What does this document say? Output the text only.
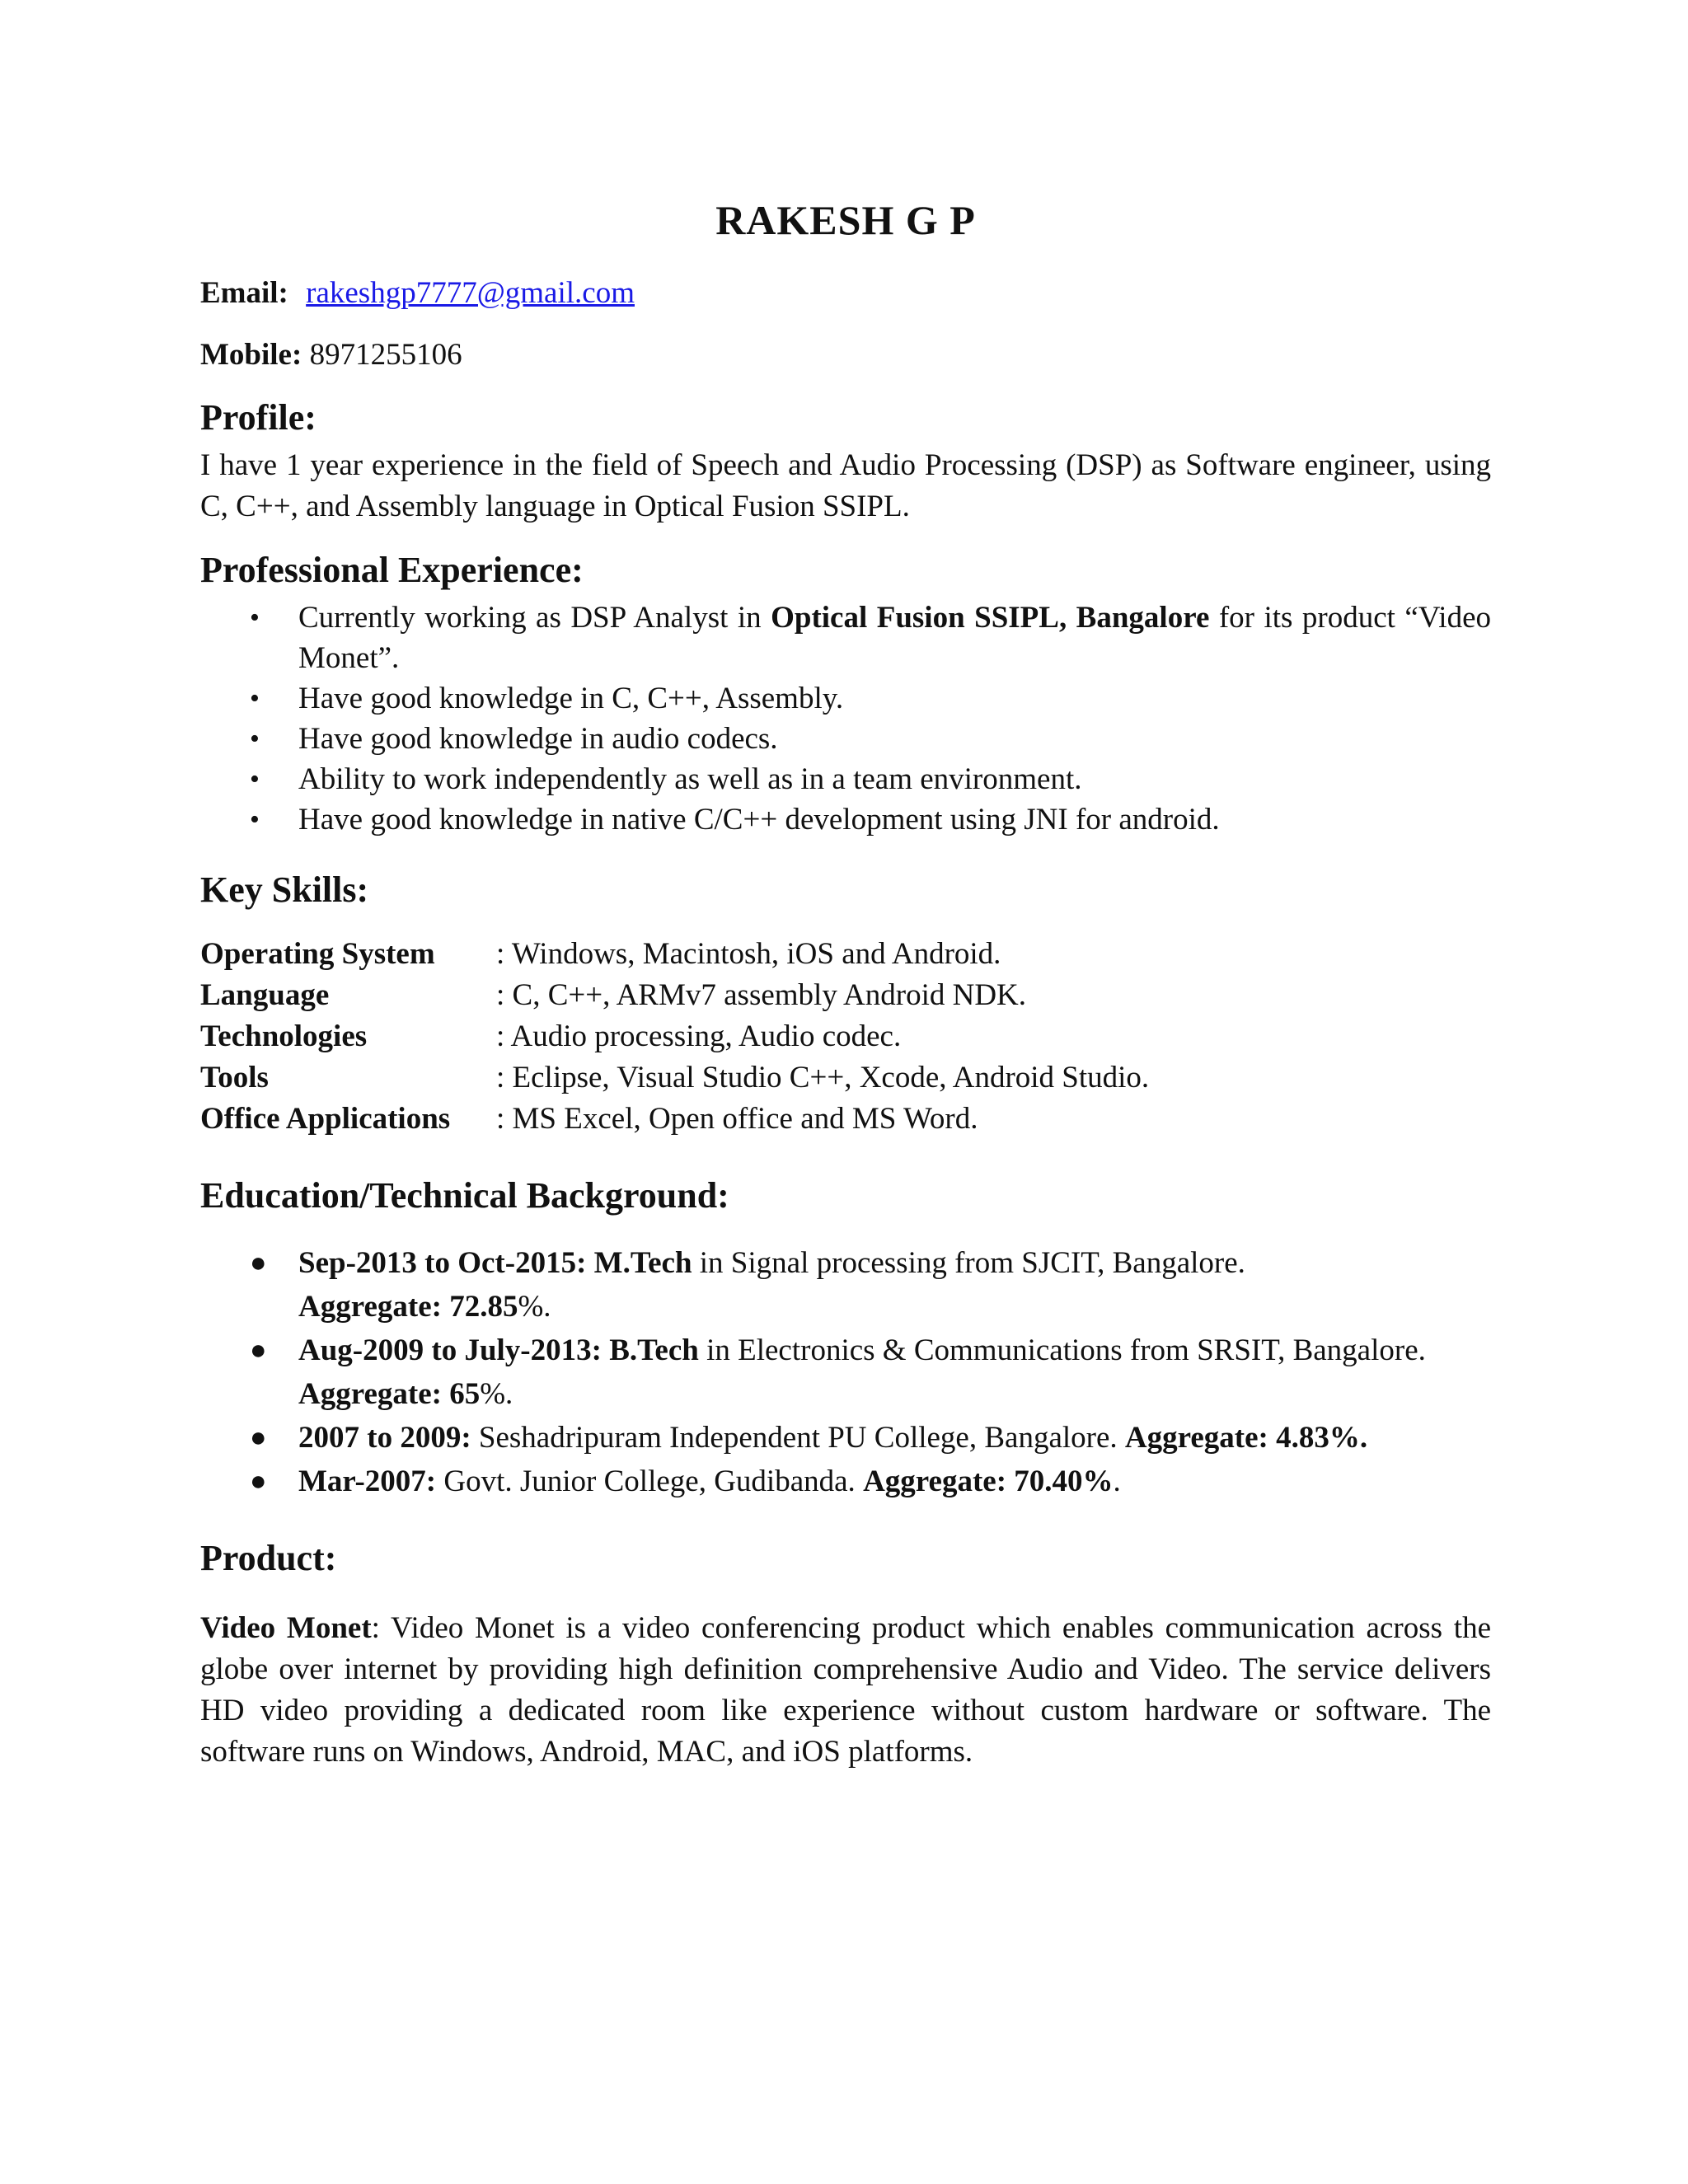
RAKESH G P
Email: rakeshgp7777@gmail.com
Mobile: 8971255106
Profile:
I have 1 year experience in the field of Speech and Audio Processing (DSP) as Software engineer, using C, C++, and Assembly language in Optical Fusion SSIPL.
Professional Experience:
• Currently working as DSP Analyst in Optical Fusion SSIPL, Bangalore for its product “Video Monet”.
• Have good knowledge in C, C++, Assembly.
• Have good knowledge in audio codecs.
• Ability to work independently as well as in a team environment.
• Have good knowledge in native C/C++ development using JNI for android.
Key Skills:
Operating System : Windows, Macintosh, iOS and Android.
Language	: C, C++, ARMv7 assembly Android NDK.
Technologies	: Audio processing, Audio codec.
Tools	: Eclipse, Visual Studio C++, Xcode, Android Studio.
Office Applications : MS Excel, Open office and MS Word.
Education/Technical Background:
● Sep-2013 to Oct-2015: M.Tech in Signal processing from SJCIT, Bangalore.
Aggregate: 72.85%.
● Aug-2009 to July-2013: B.Tech in Electronics & Communications from SRSIT, Bangalore. Aggregate: 65%.
● 2007 to 2009: Seshadripuram Independent PU College, Bangalore. Aggregate: 4.83%.
● Mar-2007: Govt. Junior College, Gudibanda. Aggregate: 70.40%.
Product:
Video Monet: Video Monet is a video conferencing product which enables communication across the globe over internet by providing high definition comprehensive Audio and Video. The service delivers HD video providing a dedicated room like experience without custom hardware or software. The software runs on Windows, Android, MAC, and iOS platforms.
